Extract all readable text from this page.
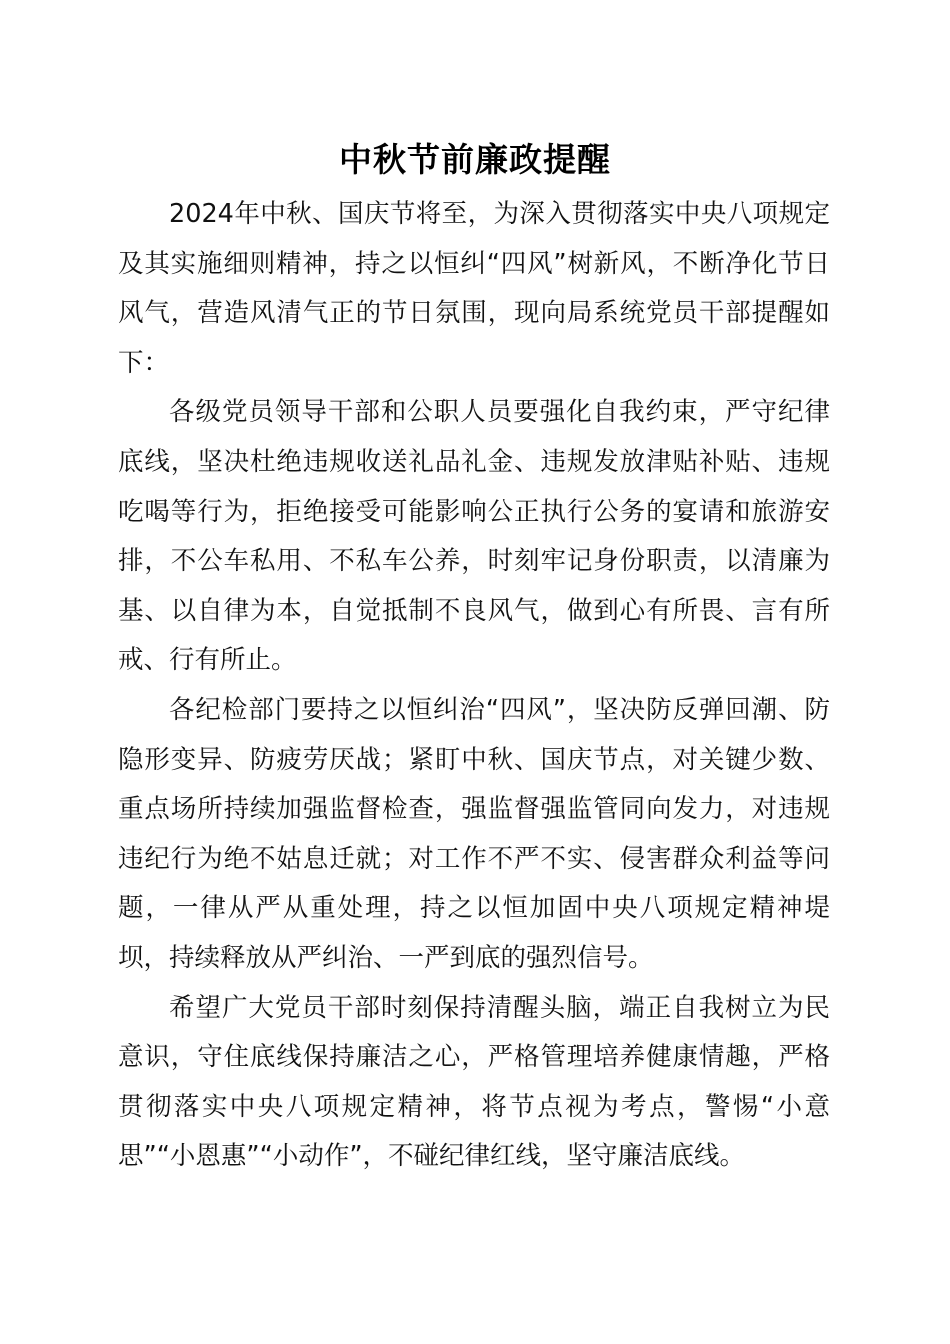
中秋节前廉政提醒

2024年中秋、国庆节将至，为深入贯彻落实中央八项规定及其实施细则精神，持之以恒纠“四风”树新风，不断净化节日风气，营造风清气正的节日氛围，现向局系统党员干部提醒如下：

各级党员领导干部和公职人员要强化自我约束，严守纪律底线，坚决杜绝违规收送礼品礼金、违规发放津贴补贴、违规吃喝等行为，拒绝接受可能影响公正执行公务的宴请和旅游安排，不公车私用、不私车公养，时刻牢记身份职责，以清廉为基、以自律为本，自觉抵制不良风气，做到心有所畏、言有所戒、行有所止。

各纪检部门要持之以恒纠治“四风”，坚决防反弹回潮、防隐形变异、防疲劳厌战；紧盯中秋、国庆节点，对关键少数、重点场所持续加强监督检查，强监督强监管同向发力，对违规违纪行为绝不姑息迁就；对工作不严不实、侵害群众利益等问题，一律从严从重处理，持之以恒加固中央八项规定精神堤坝，持续释放从严纠治、一严到底的强烈信号。

希望广大党员干部时刻保持清醒头脑，端正自我树立为民意识，守住底线保持廉洁之心，严格管理培养健康情趣，严格贯彻落实中央八项规定精神，将节点视为考点，警惕“小意思”“小恩惠”“小动作”，不碰纪律红线，坚守廉洁底线。
